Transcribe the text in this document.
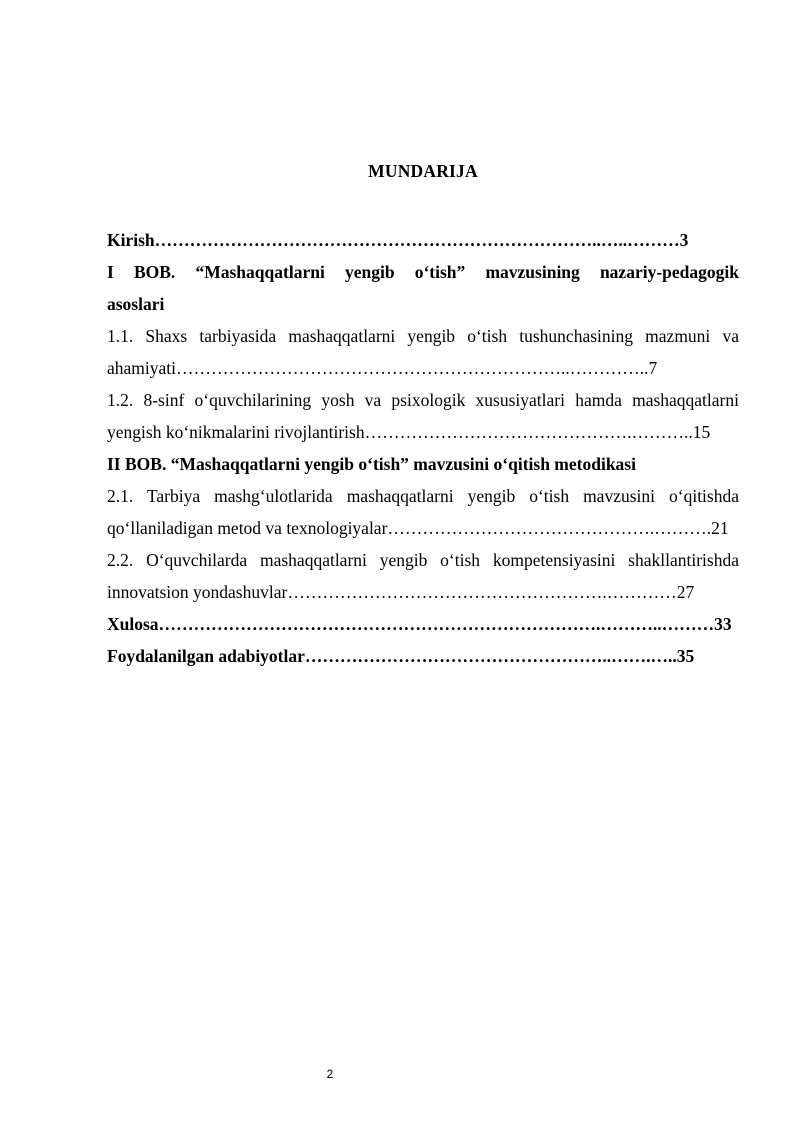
MUNDARIJA
Kirish…………………………………………………………………..…..………3
I BOB. “Mashaqqatlarni yengib o‘tish” mavzusining nazariy-pedagogik
asoslari
1.1. Shaxs tarbiyasida mashaqqatlarni yengib o‘tish tushunchasining mazmuni va
ahamiyati…………………………………………………………..…………..7
1.2. 8-sinf o‘quvchilarining yosh va psixologik xususiyatlari hamda mashaqqatlarni
yengish ko‘nikmalarini rivojlantirish……………………………………….………..15
II BOB. “Mashaqqatlarni yengib o‘tish” mavzusini o‘qitish metodikasi
2.1. Tarbiya mashg‘ulotlarida mashaqqatlarni yengib o‘tish mavzusini o‘qitishda
qo‘llaniladigan metod va texnologiyalar……………………………………….……….21
2.2. O‘quvchilarda mashaqqatlarni yengib o‘tish kompetensiyasini shakllantirishda
innovatsion yondashuvlar……………………………………………….…………27
Xulosa………………………………………………………………….………..………33
Foydalanilgan adabiyotlar……………………………………………..…….…..35
2
